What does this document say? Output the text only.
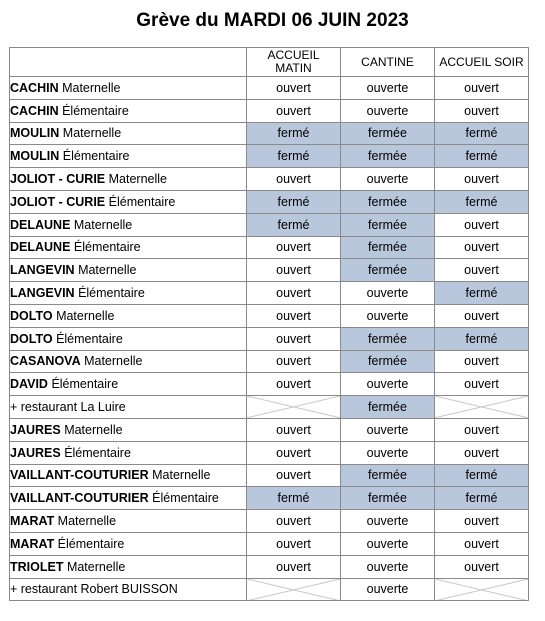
Grève du MARDI 06 JUIN 2023
	ACCUEIL
MATIN	CANTINE	ACCUEIL SOIR
CACHIN Maternelle	ouvert	ouverte	ouvert
CACHIN Élémentaire	ouvert	ouverte	ouvert
MOULIN Maternelle	fermé	fermée	fermé
MOULIN Élémentaire	fermé	fermée	fermé
JOLIOT - CURIE Maternelle	ouvert	ouverte	ouvert
JOLIOT - CURIE Élémentaire	fermé	fermée	fermé
DELAUNE Maternelle	fermé	fermée	ouvert
DELAUNE Élémentaire	ouvert	fermée	ouvert
LANGEVIN Maternelle	ouvert	fermée	ouvert
LANGEVIN Élémentaire	ouvert	ouverte	fermé
DOLTO Maternelle	ouvert	ouverte	ouvert
DOLTO Élémentaire	ouvert	fermée	fermé
CASANOVA Maternelle	ouvert	fermée	ouvert
DAVID Élémentaire	ouvert	ouverte	ouvert
+ restaurant La Luire		fermée	

JAURES Maternelle	ouvert	ouverte	ouvert
JAURES Élémentaire	ouvert	ouverte	ouvert
VAILLANT-COUTURIER Maternelle	ouvert	fermée	fermé
VAILLANT-COUTURIER Élémentaire	fermé	fermée	fermé
MARAT Maternelle	ouvert	ouverte	ouvert
MARAT Élémentaire	ouvert	ouverte	ouvert
TRIOLET Maternelle	ouvert	ouverte	ouvert
+ restaurant Robert BUISSON		ouverte	
